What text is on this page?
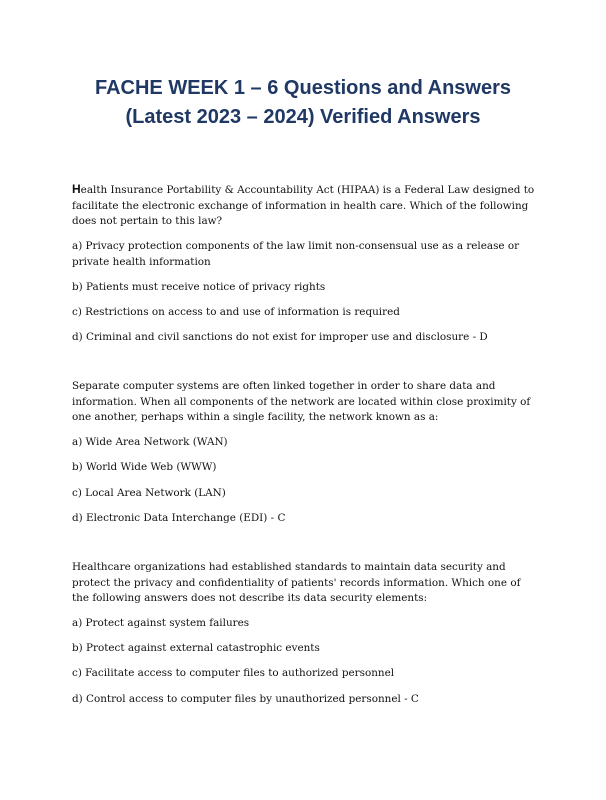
FACHE WEEK 1 – 6 Questions and Answers
(Latest 2023 – 2024) Verified Answers

Health Insurance Portability & Accountability Act (HIPAA) is a Federal Law designed to facilitate the electronic exchange of information in health care. Which of the following does not pertain to this law?

a) Privacy protection components of the law limit non-consensual use as a release or private health information

b) Patients must receive notice of privacy rights

c) Restrictions on access to and use of information is required

d) Criminal and civil sanctions do not exist for improper use and disclosure - D

Separate computer systems are often linked together in order to share data and information. When all components of the network are located within close proximity of one another, perhaps within a single facility, the network known as a:

a) Wide Area Network (WAN)

b) World Wide Web (WWW)

c) Local Area Network (LAN)

d) Electronic Data Interchange (EDI) - C

Healthcare organizations had established standards to maintain data security and protect the privacy and confidentiality of patients' records information. Which one of the following answers does not describe its data security elements:

a) Protect against system failures

b) Protect against external catastrophic events

c) Facilitate access to computer files to authorized personnel

d) Control access to computer files by unauthorized personnel - C
